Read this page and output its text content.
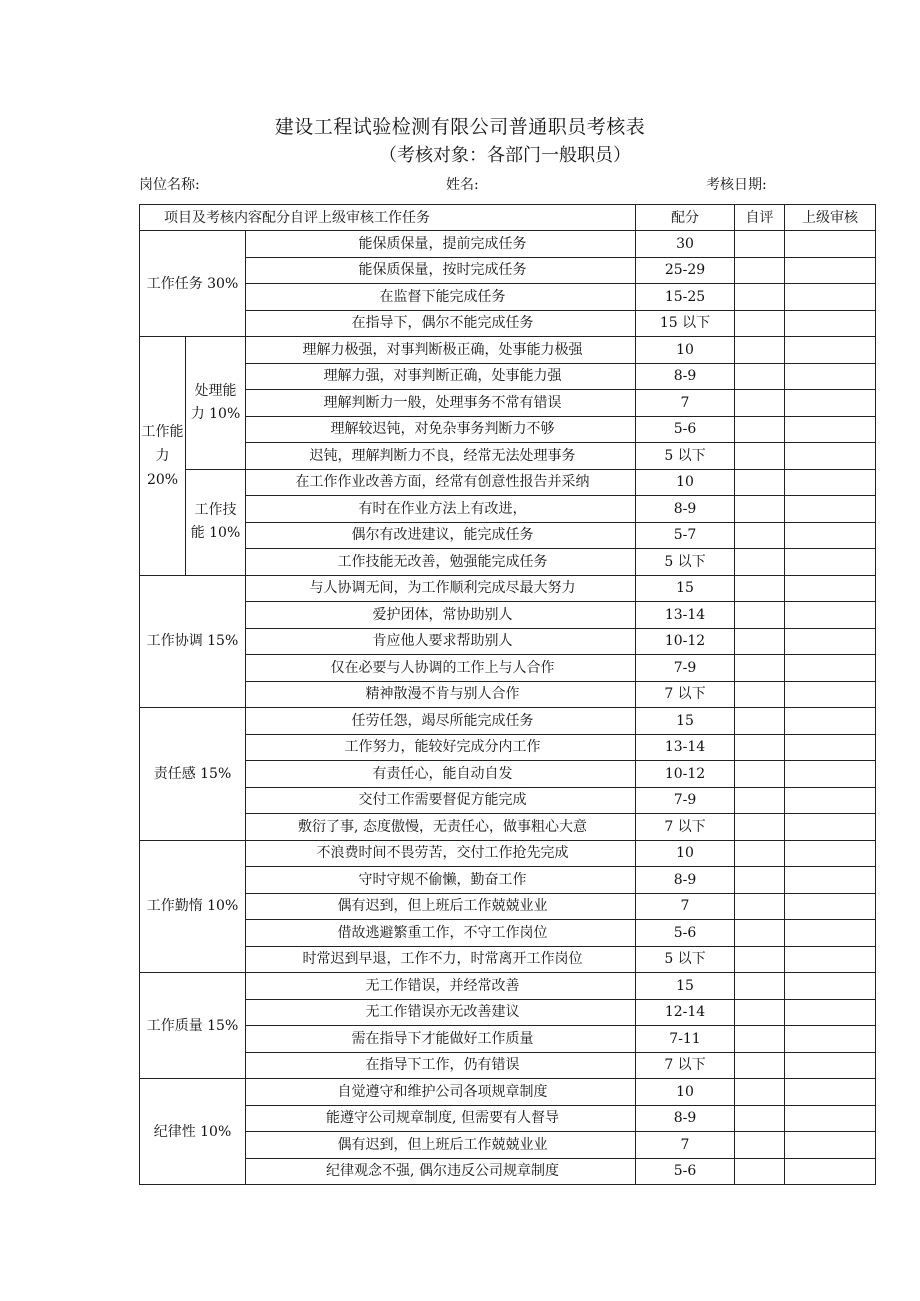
建设工程试验检测有限公司普通职员考核表
（考核对象：各部门一般职员）
岗位名称:	姓名:	考核日期:
项目及考核内容配分自评上级审核工作任务			配分	自评	上级审核
工作任务 30%		能保质保量，提前完成任务	30		
		能保质保量，按时完成任务	25-29		
		在监督下能完成任务	15-25		
		在指导下，偶尔不能完成任务	15 以下		
工作能力20%	处理能力 10%	理解力极强，对事判断极正确，处事能力极强	10		
		理解力强，对事判断正确，处事能力强	8-9		
		理解判断力一般，处理事务不常有错误	7		
		理解较迟钝，对免杂事务判断力不够	5-6		
		迟钝，理解判断力不良，经常无法处理事务	5 以下		
	工作技能 10%	在工作作业改善方面，经常有创意性报告并采纳	10		
		有时在作业方法上有改进，	8-9		
		偶尔有改进建议，能完成任务	5-7		
		工作技能无改善，勉强能完成任务	5 以下		
工作协调 15%		与人协调无间，为工作顺利完成尽最大努力	15		
		爱护团体，常协助别人	13-14		
		肯应他人要求帮助别人	10-12		
		仅在必要与人协调的工作上与人合作	7-9		
		精神散漫不肯与别人合作	7 以下		
责任感 15%		任劳任怨，竭尽所能完成任务	15		
		工作努力，能较好完成分内工作	13-14		
		有责任心，能自动自发	10-12		
		交付工作需要督促方能完成	7-9		
		敷衍了事, 态度傲慢，无责任心，做事粗心大意	7 以下		
工作勤惰 10%		不浪费时间不畏劳苦，交付工作抢先完成	10		
		守时守规不偷懒，勤奋工作	8-9		
		偶有迟到，但上班后工作兢兢业业	7		
		借故逃避繁重工作，不守工作岗位	5-6		
		时常迟到早退，工作不力，时常离开工作岗位	5 以下		
工作质量 15%		无工作错误，并经常改善	15		
		无工作错误亦无改善建议	12-14		
		需在指导下才能做好工作质量	7-11		
		在指导下工作，仍有错误	7 以下		
纪律性 10%		自觉遵守和维护公司各项规章制度	10		
		能遵守公司规章制度, 但需要有人督导	8-9		
		偶有迟到，但上班后工作兢兢业业	7		
		纪律观念不强, 偶尔违反公司规章制度	5-6		
